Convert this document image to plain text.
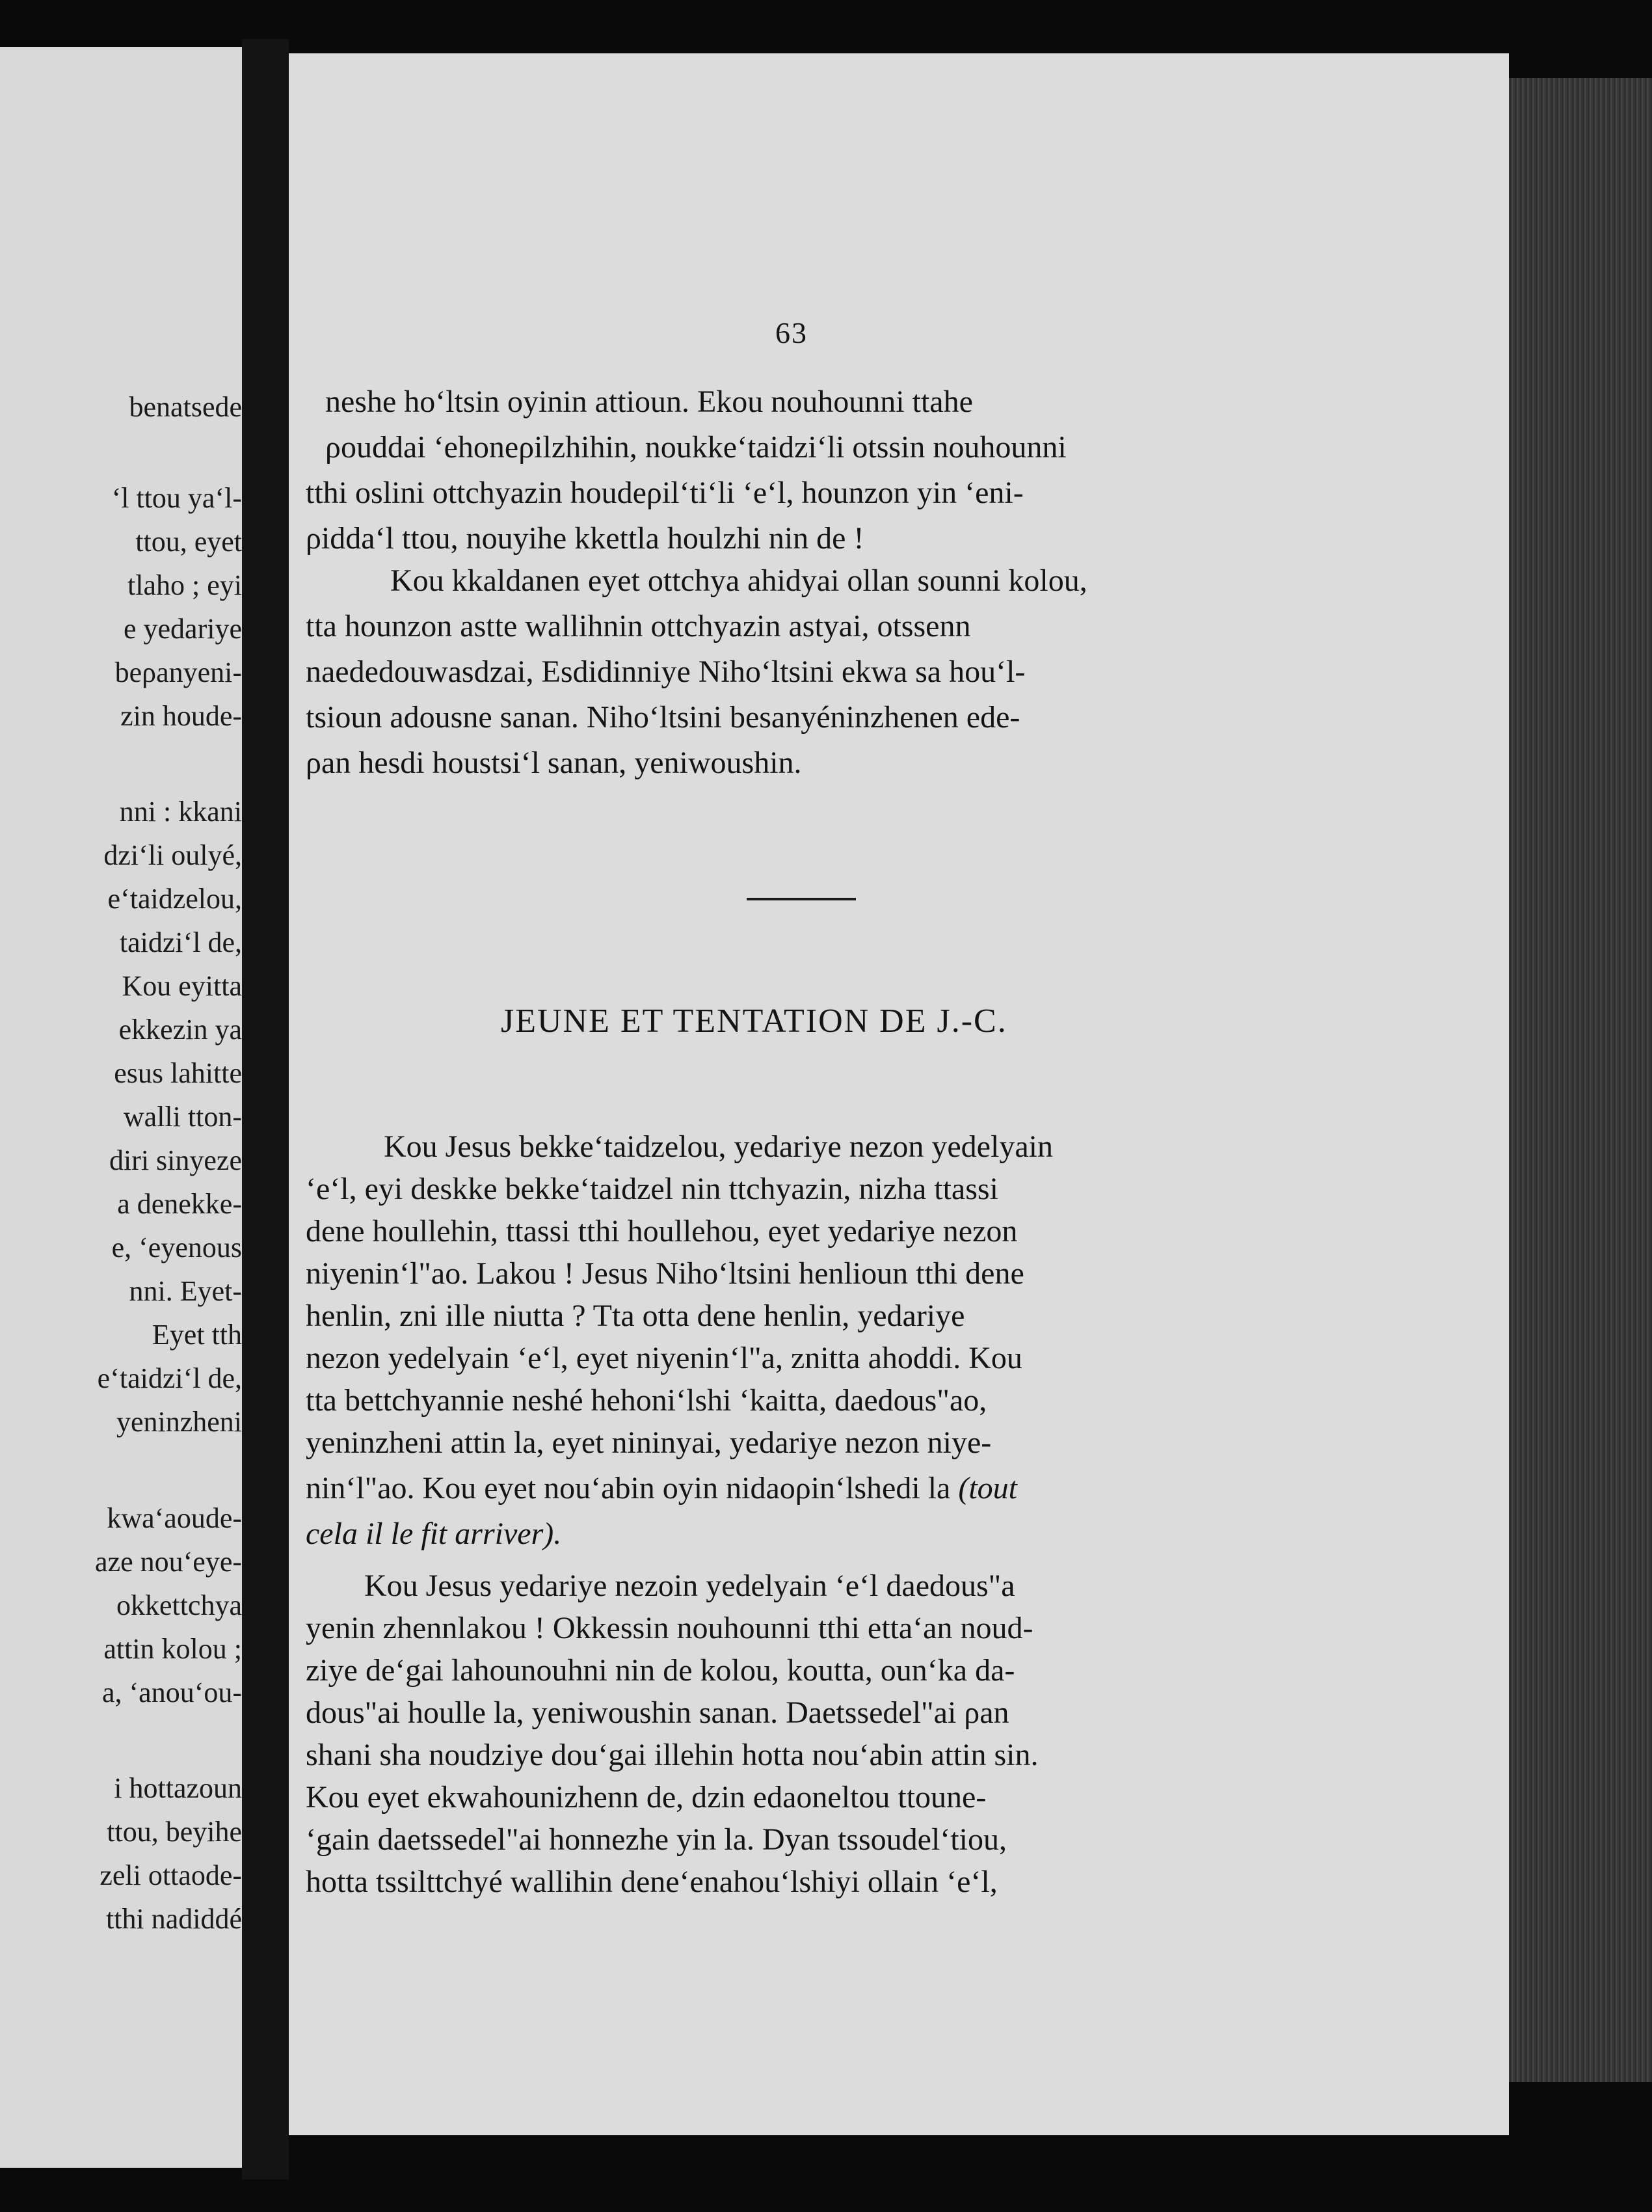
benatsede
‘l ttou ya‘l-
ttou, eyet
tlaho ; eyi
e yedariye
beρanyeni-
zin houde-
nni : kkani
dzi‘li oulyé,
e‘taidzelou,
taidzi‘l de,
Kou eyitta
ekkezin ya
esus lahitte
walli tton-
diri sinyeze
a denekke-
e, ‘eyenous
nni. Eyet-
Eyet tth
e‘taidzi‘l de,
yeninzheni
kwa‘aoude-
aze nou‘eye-
okkettchya
attin kolou ;
a, ‘anou‘ou-
i hottazoun
ttou, beyihe
zeli ottaode-
tthi nadiddé
63
neshe ho‘ltsin oyinin attioun. Ekou nouhounni ttahe
ρouddai ‘ehoneρilzhihin, noukke‘taidzi‘li otssin nouhounni
tthi oslini ottchyazin houdeρil‘ti‘li ‘e‘l, hounzon yin ‘eni-
ρidda‘l ttou, nouyihe kkettla houlzhi nin de !
Kou kkaldanen eyet ottchya ahidyai ollan sounni kolou,
tta hounzon astte wallihnin ottchyazin astyai, otssenn
naededouwasdzai, Esdidinniye Niho‘ltsini ekwa sa hou‘l-
tsioun adousne sanan. Niho‘ltsini besanyéninzhenen ede-
ρan hesdi houstsi‘l sanan, yeniwoushin.
JEUNE ET TENTATION DE J.-C.
Kou Jesus bekke‘taidzelou, yedariye nezon yedelyain
‘e‘l, eyi deskke bekke‘taidzel nin ttchyazin, nizha ttassi
dene houllehin, ttassi tthi houllehou, eyet yedariye nezon
niyenin‘l"ao. Lakou ! Jesus Niho‘ltsini henlioun tthi dene
henlin, zni ille niutta ? Tta otta dene henlin, yedariye
nezon yedelyain ‘e‘l, eyet niyenin‘l"a, znitta ahoddi. Kou
tta bettchyannie neshé hehoni‘lshi ‘kaitta, daedous"ao,
yeninzheni attin la, eyet nininyai, yedariye nezon niye-
nin‘l"ao. Kou eyet nou‘abin oyin nidaoρin‘lshedi la (tout
cela il le fit arriver).
Kou Jesus yedariye nezoin yedelyain ‘e‘l daedous"a
yenin zhennlakou ! Okkessin nouhounni tthi etta‘an noud-
ziye de‘gai lahounouhni nin de kolou, koutta, oun‘ka da-
dous"ai houlle la, yeniwoushin sanan. Daetssedel"ai ρan
shani sha noudziye dou‘gai illehin hotta nou‘abin attin sin.
Kou eyet ekwahounizhenn de, dzin edaoneltou ttoune-
‘gain daetssedel"ai honnezhe yin la. Dyan tssoudel‘tiou,
hotta tssilttchyé wallihin dene‘enahou‘lshiyi ollain ‘e‘l,
